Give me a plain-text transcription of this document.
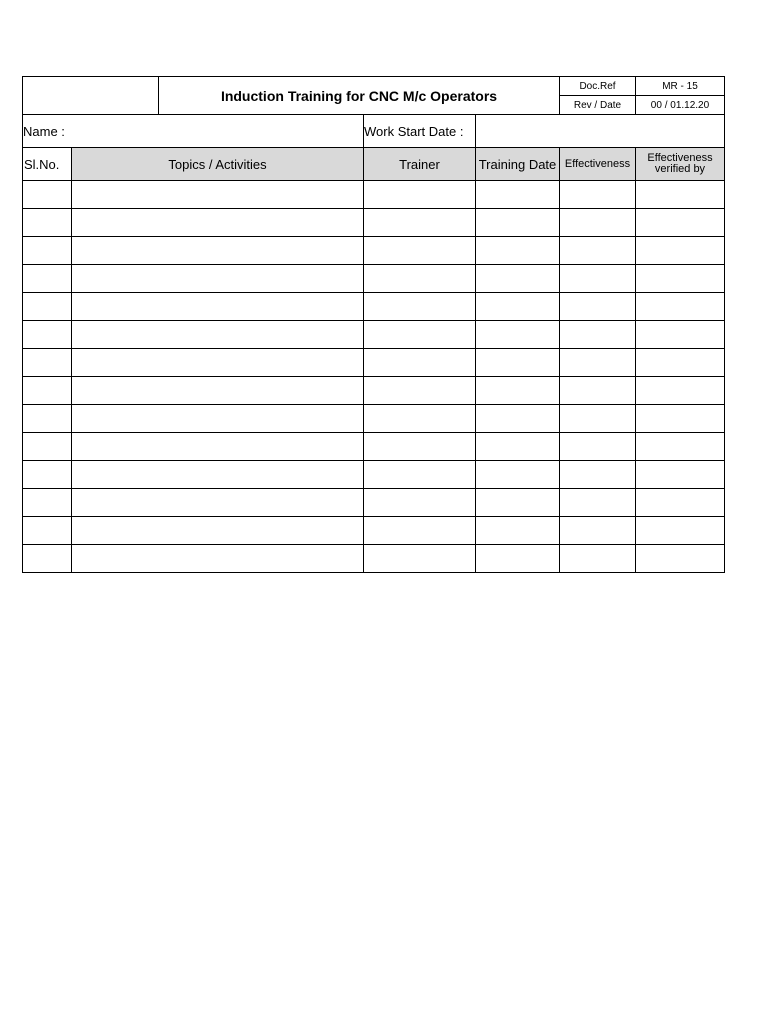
		Induction Training for CNC M/c Operators			Doc.Ref	MR - 15
					Rev / Date	00 / 01.12.20
Name :			Work Start Date :			
Sl.No.	Topics / Activities		Trainer	Training Date	Effectiveness	Effectiveness verified by
